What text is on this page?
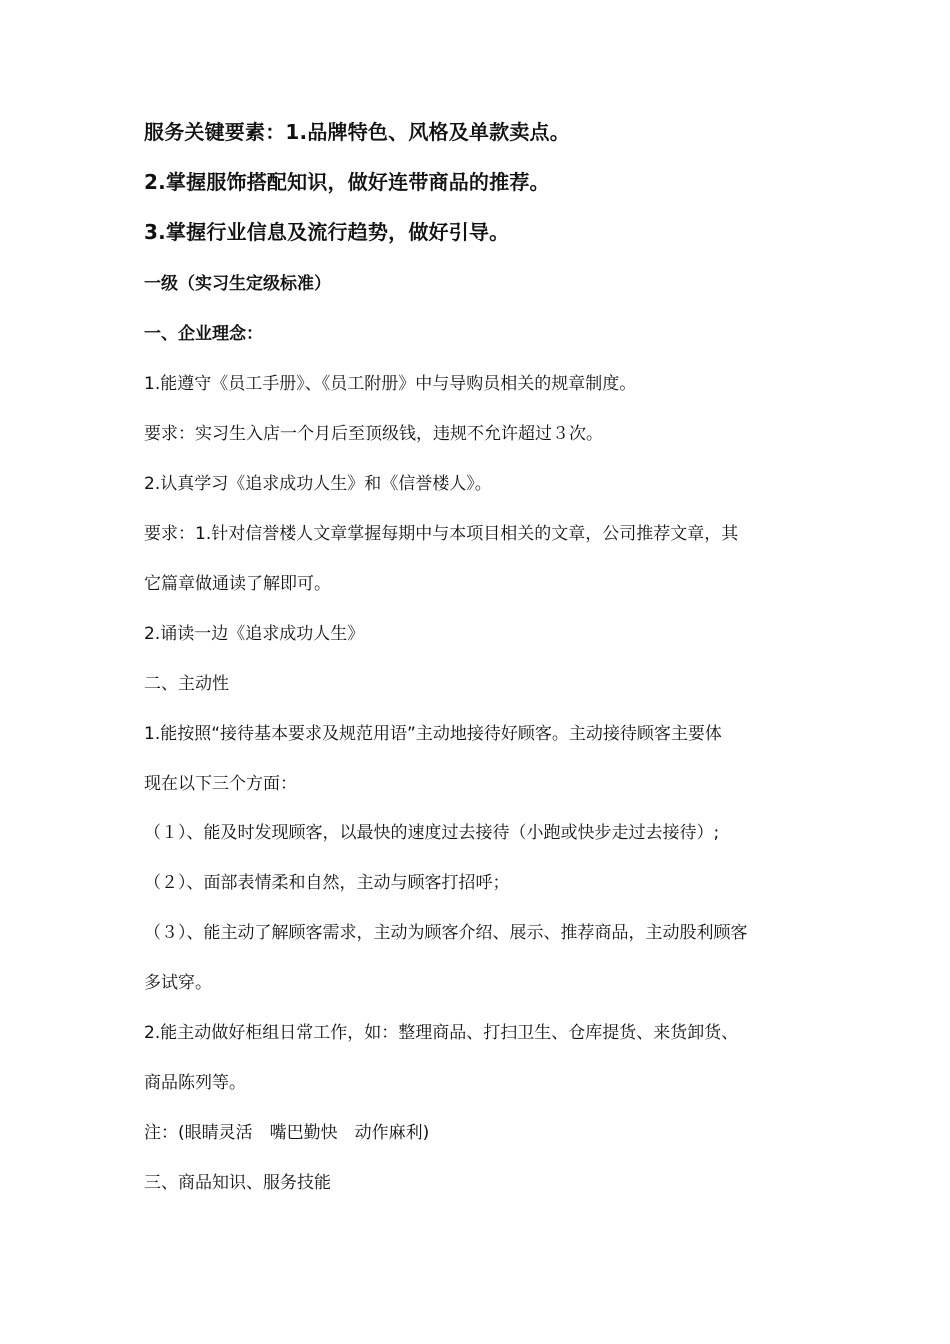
服务关键要素：1.品牌特色、风格及单款卖点。

2.掌握服饰搭配知识，做好连带商品的推荐。

3.掌握行业信息及流行趋势，做好引导。

一级（实习生定级标准）

一、企业理念：

1.能遵守《员工手册》、《员工附册》中与导购员相关的规章制度。

要求：实习生入店一个月后至顶级钱，违规不允许超过３次。

2.认真学习《追求成功人生》和《信誉楼人》。

要求：1.针对信誉楼人文章掌握每期中与本项目相关的文章，公司推荐文章，其

它篇章做通读了解即可。

2.诵读一边《追求成功人生》

二、主动性

1.能按照“接待基本要求及规范用语”主动地接待好顾客。主动接待顾客主要体

现在以下三个方面：

（１）、能及时发现顾客，以最快的速度过去接待（小跑或快步走过去接待）;

（２）、面部表情柔和自然，主动与顾客打招呼；

（３）、能主动了解顾客需求，主动为顾客介绍、展示、推荐商品，主动股利顾客

多试穿。

2.能主动做好柜组日常工作，如：整理商品、打扫卫生、仓库提货、来货卸货、

商品陈列等。

注：(眼睛灵活　嘴巴勤快　动作麻利)

三、商品知识、服务技能
